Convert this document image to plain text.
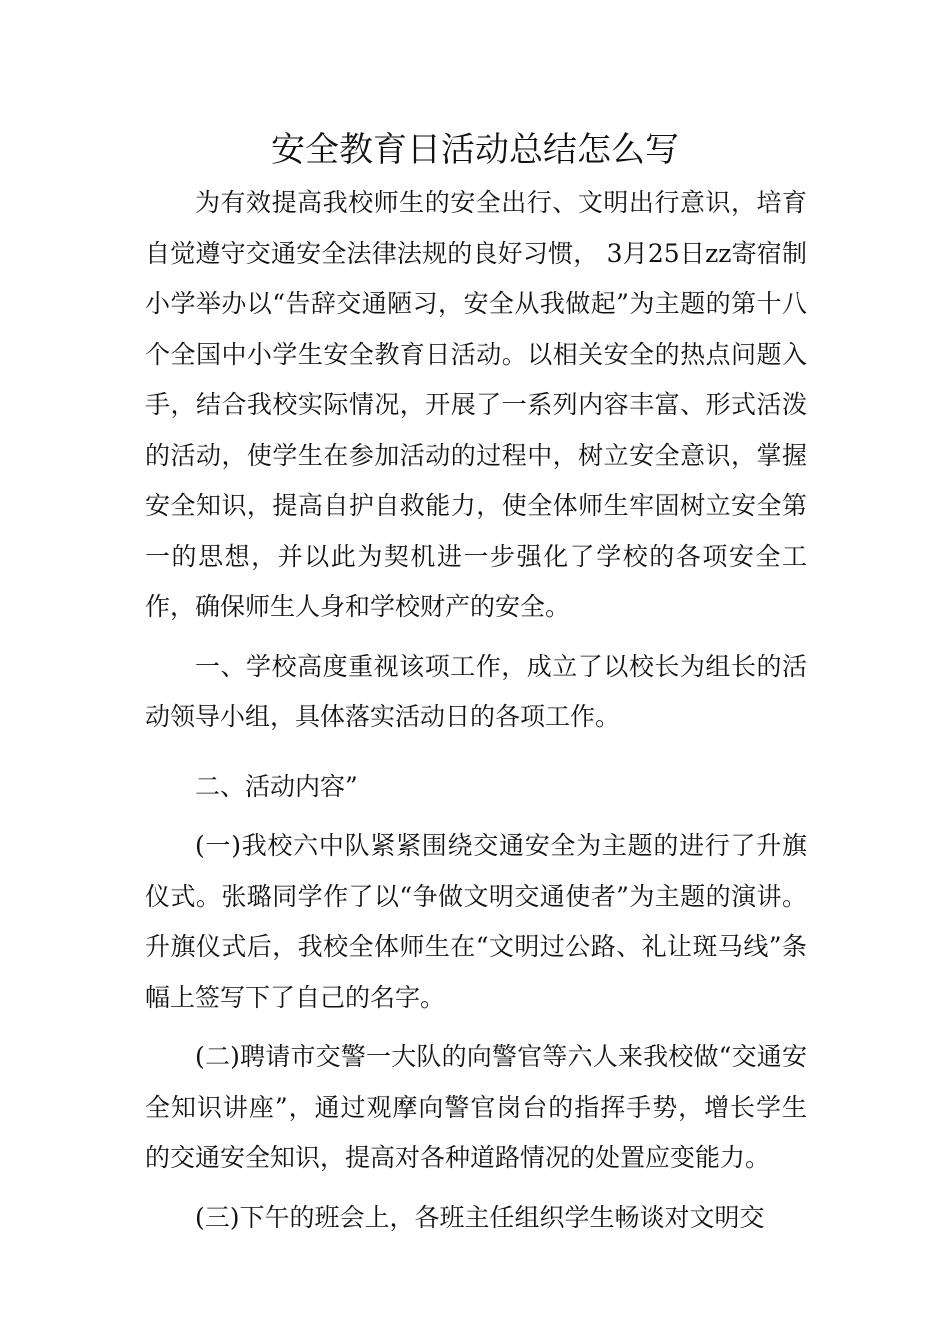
安全教育日活动总结怎么写

为有效提高我校师生的安全出行、文明出行意识，培育自觉遵守交通安全法律法规的良好习惯， 3月25日zz寄宿制小学举办以“告辞交通陋习，安全从我做起”为主题的第十八个全国中小学生安全教育日活动。以相关安全的热点问题入手，结合我校实际情况，开展了一系列内容丰富、形式活泼的活动，使学生在参加活动的过程中，树立安全意识，掌握安全知识，提高自护自救能力，使全体师生牢固树立安全第一的思想，并以此为契机进一步强化了学校的各项安全工作，确保师生人身和学校财产的安全。

一、学校高度重视该项工作，成立了以校长为组长的活动领导小组，具体落实活动日的各项工作。

二、活动内容”

(一)我校六中队紧紧围绕交通安全为主题的进行了升旗仪式。张璐同学作了以“争做文明交通使者”为主题的演讲。升旗仪式后，我校全体师生在“文明过公路、礼让斑马线”条幅上签写下了自己的名字。

(二)聘请市交警一大队的向警官等六人来我校做“交通安全知识讲座”，通过观摩向警官岗台的指挥手势，增长学生的交通安全知识，提高对各种道路情况的处置应变能力。

(三)下午的班会上，各班主任组织学生畅谈对文明交
